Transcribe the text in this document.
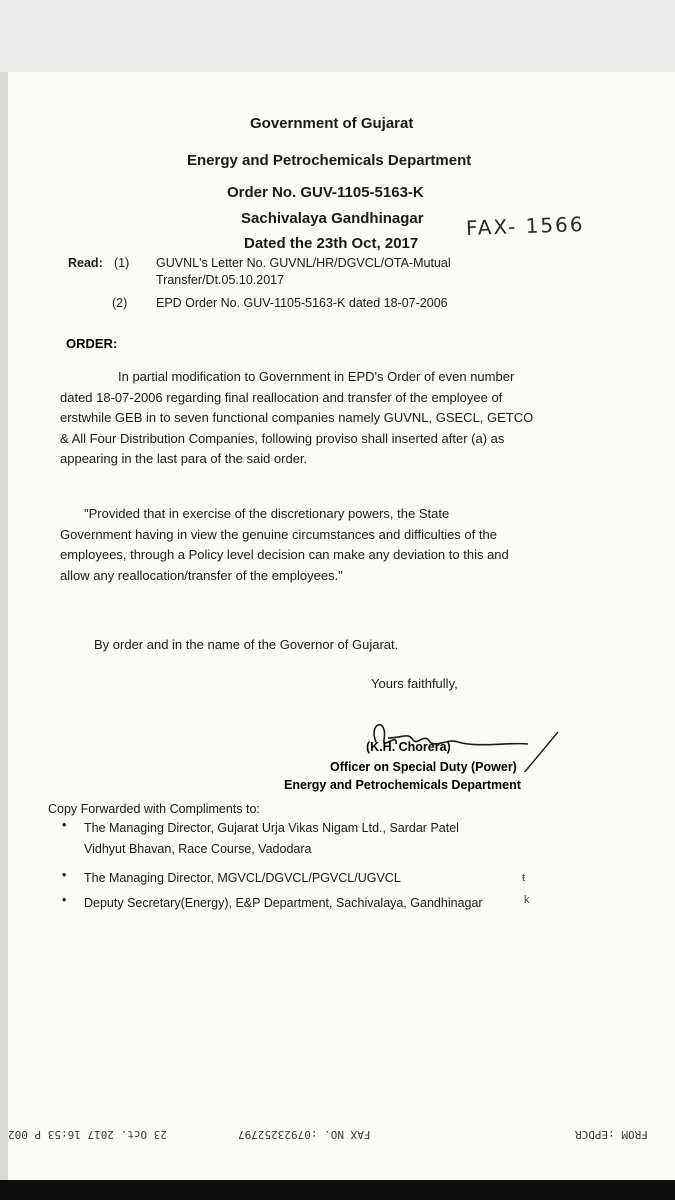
Government of Gujarat
Energy and Petrochemicals Department
Order No. GUV-1105-5163-K
Sachivalaya Gandhinagar
Dated the 23th Oct, 2017
FAX- 1566
Read: (1) GUVNL's Letter No. GUVNL/HR/DGVCL/OTA-Mutual
Transfer/Dt.05.10.2017
(2) EPD Order No. GUV-1105-5163-K dated 18-07-2006
ORDER:

In partial modification to Government in EPD's Order of even number

dated 18-07-2006 regarding final reallocation and transfer of the employee of

erstwhile GEB in to seven functional companies namely GUVNL, GSECL, GETCO

& All Four Distribution Companies, following proviso shall inserted after (a) as

appearing in the last para of the said order.

"Provided that in exercise of the discretionary powers, the State

Government having in view the genuine circumstances and difficulties of the

employees, through a Policy level decision can make any deviation to this and

allow any reallocation/transfer of the employees."

By order and in the name of the Governor of Gujarat.
Yours faithfully,
(K.H. Chorera)
Officer on Special Duty (Power)
Energy and Petrochemicals Department
Copy Forwarded with Compliments to:
• The Managing Director, Gujarat Urja Vikas Nigam Ltd., Sardar Patel
Vidhyut Bhavan, Race Course, Vadodara
• The Managing Director, MGVCL/DGVCL/PGVCL/UGVCL
• Deputy Secretary(Energy), E&P Department, Sachivalaya, Gandhinagar
ŧ
k
23 Oct. 2017 16:53 P 002	FAX NO. :07923252797	FROM :EPDCR
